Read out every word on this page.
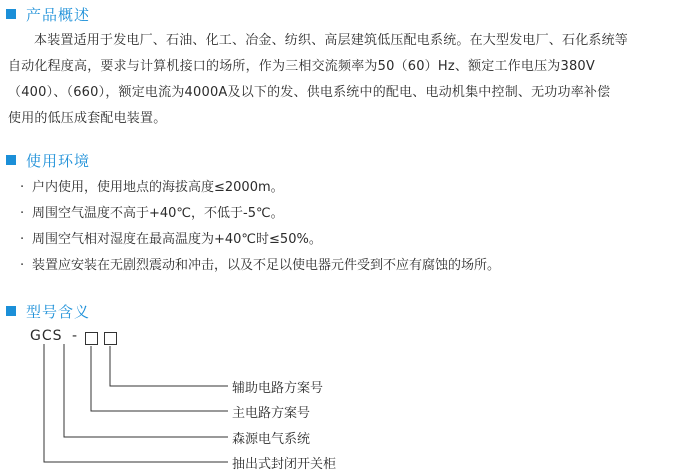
产品概述
本装置适用于发电厂、石油、化工、冶金、纺织、高层建筑低压配电系统。在大型发电厂、石化系统等
自动化程度高，要求与计算机接口的场所，作为三相交流频率为50（60）Hz、额定工作电压为380V
（400）、（660），额定电流为4000A及以下的发、供电系统中的配电、电动机集中控制、无功功率补偿
使用的低压成套配电装置。
使用环境
· 户内使用，使用地点的海拔高度≤2000m。
· 周围空气温度不高于+40℃，不低于-5℃。
· 周围空气相对湿度在最高温度为+40℃时≤50%。
· 装置应安装在无剧烈震动和冲击，以及不足以使电器元件受到不应有腐蚀的场所。
型号含义
GCS -
辅助电路方案号
主电路方案号
森源电气系统
抽出式封闭开关柜
